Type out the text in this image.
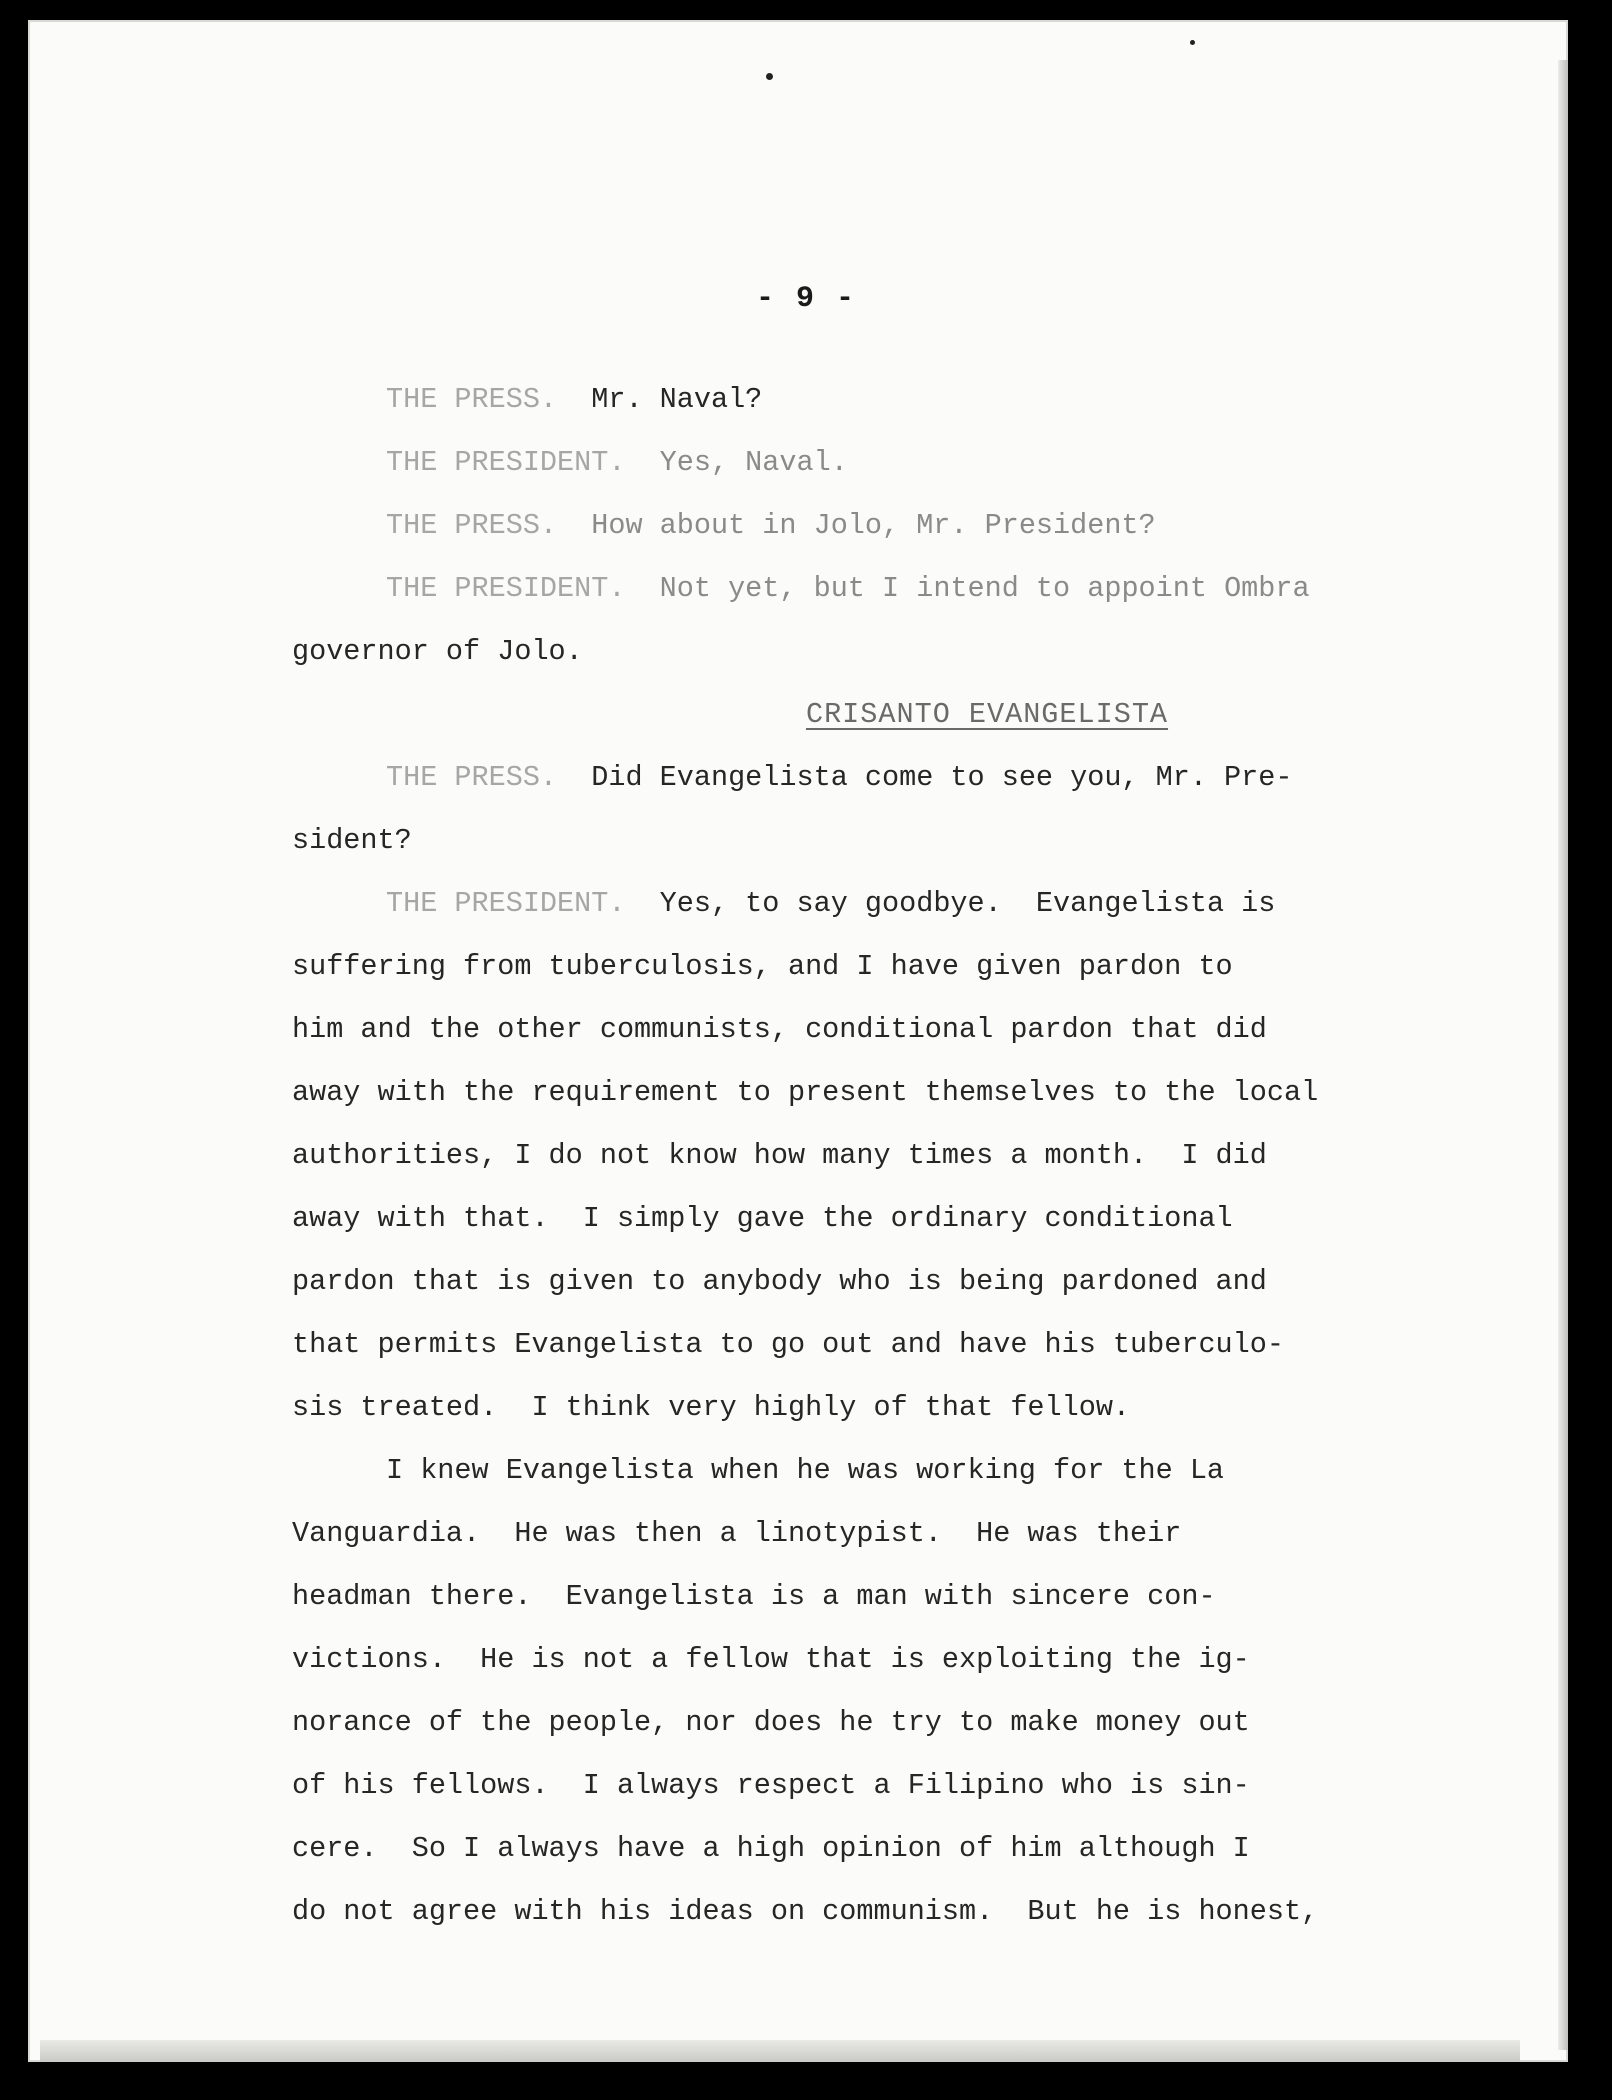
- 9 -
THE PRESS. Mr. Naval?
THE PRESIDENT. Yes, Naval.
THE PRESS. How about in Jolo, Mr. President?
THE PRESIDENT. Not yet, but I intend to appoint Ombra
governor of Jolo.
CRISANTO EVANGELISTA
THE PRESS. Did Evangelista come to see you, Mr. Pre-
sident?
THE PRESIDENT. Yes, to say goodbye.  Evangelista is
suffering from tuberculosis, and I have given pardon to
him and the other communists, conditional pardon that did
away with the requirement to present themselves to the local
authorities, I do not know how many times a month.  I did
away with that.  I simply gave the ordinary conditional
pardon that is given to anybody who is being pardoned and
that permits Evangelista to go out and have his tuberculo-
sis treated.  I think very highly of that fellow.
I knew Evangelista when he was working for the La
Vanguardia.  He was then a linotypist.  He was their
headman there.  Evangelista is a man with sincere con-
victions.  He is not a fellow that is exploiting the ig-
norance of the people, nor does he try to make money out
of his fellows.  I always respect a Filipino who is sin-
cere.  So I always have a high opinion of him although I
do not agree with his ideas on communism.  But he is honest,
